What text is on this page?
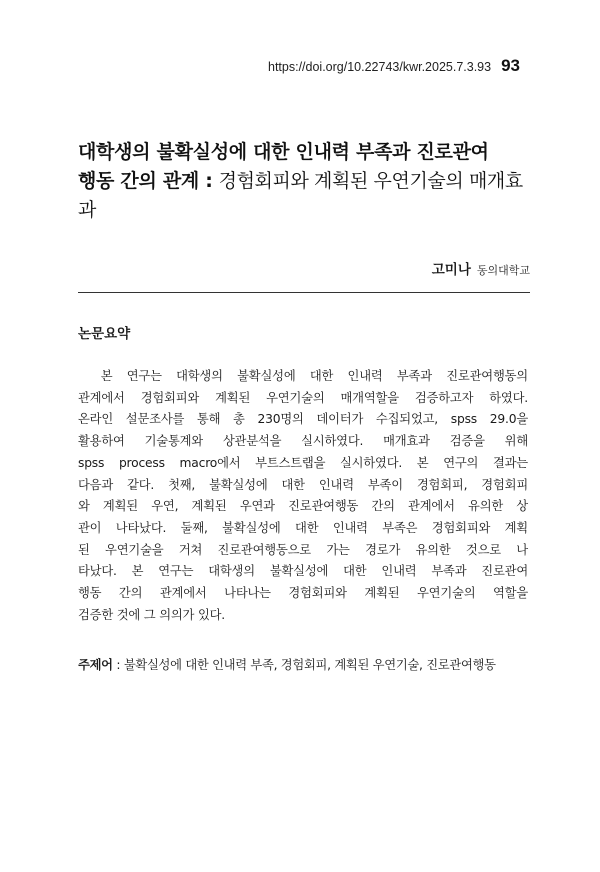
https://doi.org/10.22743/kwr.2025.7.3.93 93
대학생의 불확실성에 대한 인내력 부족과 진로관여
행동 간의 관계 : 경험회피와 계획된 우연기술의 매개효과
고미나 동의대학교
논문요약
　본 연구는 대학생의 불확실성에 대한 인내력 부족과 진로관여행동의
관계에서 경험회피와 계획된 우연기술의 매개역할을 검증하고자 하였다.
온라인 설문조사를 통해 총 230명의 데이터가 수집되었고, spss 29.0을
활용하여 기술통계와 상관분석을 실시하였다. 매개효과 검증을 위해
spss process macro에서 부트스트랩을 실시하였다. 본 연구의 결과는
다음과 같다. 첫째, 불확실성에 대한 인내력 부족이 경험회피, 경험회피
와 계획된 우연, 계획된 우연과 진로관여행동 간의 관계에서 유의한 상
관이 나타났다. 둘째, 불확실성에 대한 인내력 부족은 경험회피와 계획
된 우연기술을 거쳐 진로관여행동으로 가는 경로가 유의한 것으로 나
타났다. 본 연구는 대학생의 불확실성에 대한 인내력 부족과 진로관여
행동 간의 관계에서 나타나는 경험회피와 계획된 우연기술의 역할을
검증한 것에 그 의의가 있다.
주제어 : 불확실성에 대한 인내력 부족, 경험회피, 계획된 우연기술, 진로관여행동
